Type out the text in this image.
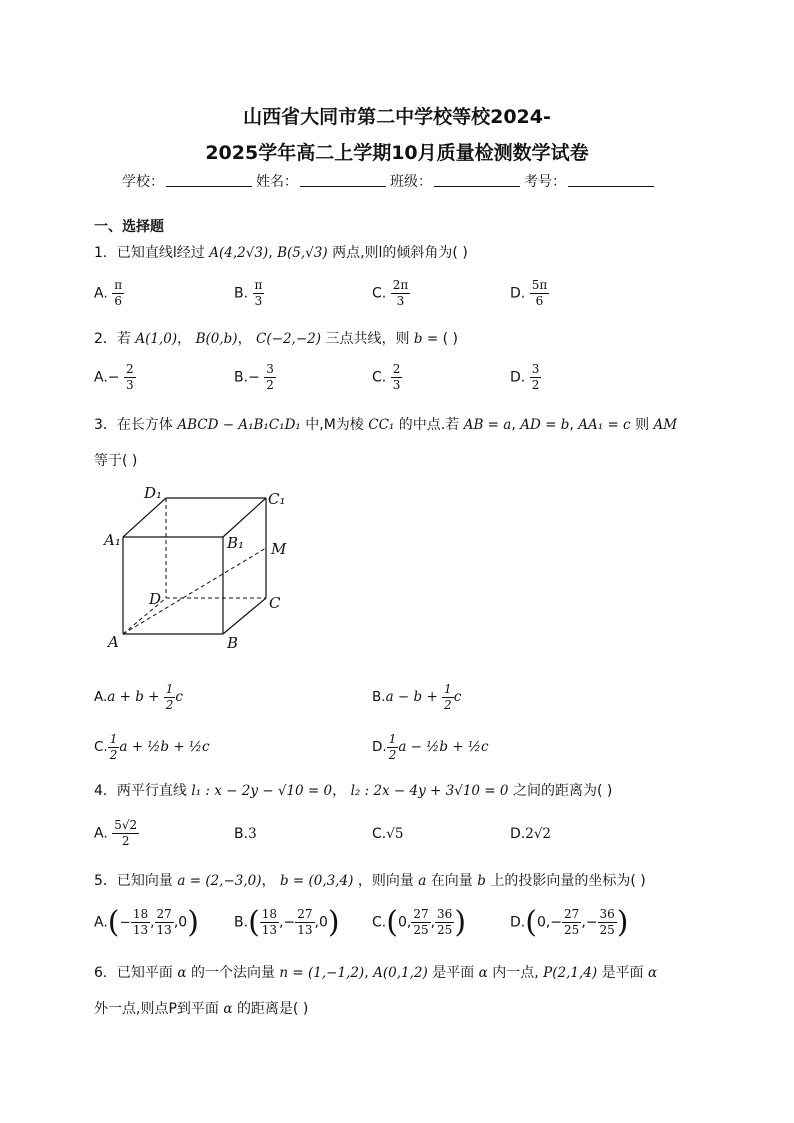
山西省大同市第二中学校等校2024-
2025学年高二上学期10月质量检测数学试卷
学校：	姓名：	班级：	考号：
一、选择题
1．已知直线l经过 A(4,2√3), B(5,√3) 两点,则l的倾斜角为( )
A. $\frac{\pi}{6}$	B. $\frac{\pi}{3}$	C. $\frac{2\pi}{3}$	D. $\frac{5\pi}{6}$
2．若 A(1,0)， B(0,b)， C(−2,−2) 三点共线，则 b = ( )
$A.- \frac{2}{3}$	$B.- \frac{3}{2}$	C. $\frac{2}{3}$	D. $\frac{3}{2}$
3．在长方体 ABCD − A₁B₁C₁D₁ 中,M为棱 CC₁ 的中点.若 AB = a, AD = b, AA₁ = c 则 AM
等于( )
D₁	C₁
A₁	B₁ M
D	C
A	B
$A.a + b + \frac{1}{2}$ c	$B.a - b + \frac{1}{2}$ c
C. $\frac{1}{2}$ a + ½b + ½c	D. $\frac{1}{2}$ a − ½b + ½c
4．两平行直线 l₁ : x − 2y − √10 = 0， l₂ : 2x − 4y + 3√10 = 0 之间的距离为( )
A. $\frac{5√2}{2}$	B.3	C.√5	D.2√2
5．已知向量 a = (2,−3,0)， b = (0,3,4) ，则向量 a 在向量 b 上的投影向量的坐标为( )
$A.(- \frac{18}{13}$ , $\frac{27}{13} ,0$)	$B.( \frac{18}{13}$ ,− $\frac{27}{13} ,0$) C.(0, $\frac{27}{25}$ , $\frac{36}{25}$ )	$D.(0,- \frac{27}{25}$ ,− $\frac{36}{25}$ )
6．已知平面 α 的一个法向量 n = (1,−1,2), A(0,1,2) 是平面 α 内一点, P(2,1,4) 是平面 α
外一点,则点P到平面 α 的距离是( )
